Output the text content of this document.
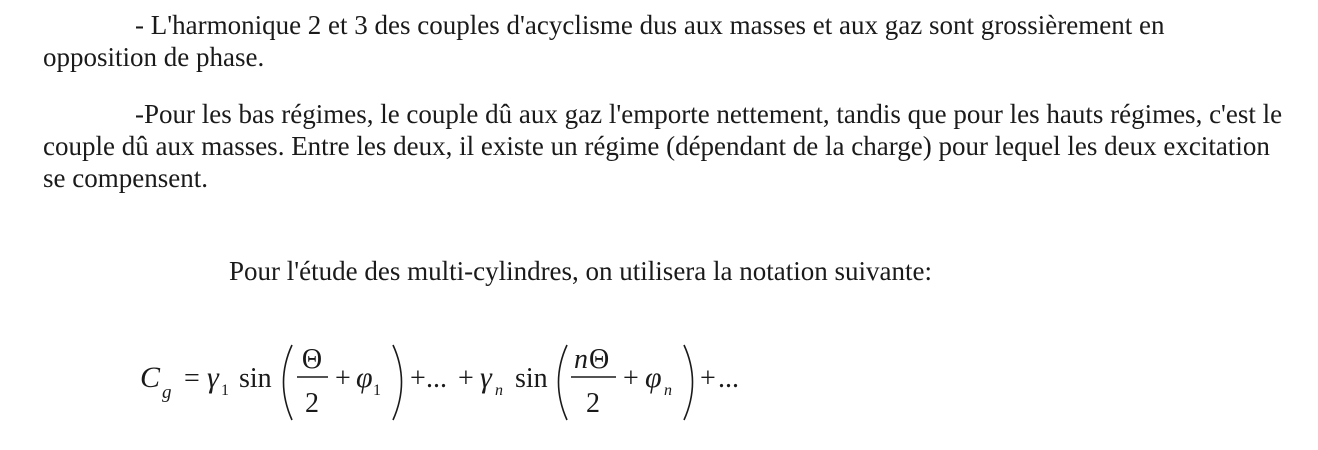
- L'harmonique 2 et 3 des couples d'acyclisme dus aux masses et aux gaz sont grossièrement en opposition de phase.

-Pour les bas régimes, le couple dû aux gaz l'emporte nettement, tandis que pour les hauts régimes, c'est le couple dû aux masses. Entre les deux, il existe un régime (dépendant de la charge) pour lequel les deux excitation se compensent.

Pour l'étude des multi-cylindres, on utilisera la notation suivante:
C g = γ 1 sin
Θ
2
+ φ 1 + ... + γ n sin
n Θ
2
+ φ n + ...
